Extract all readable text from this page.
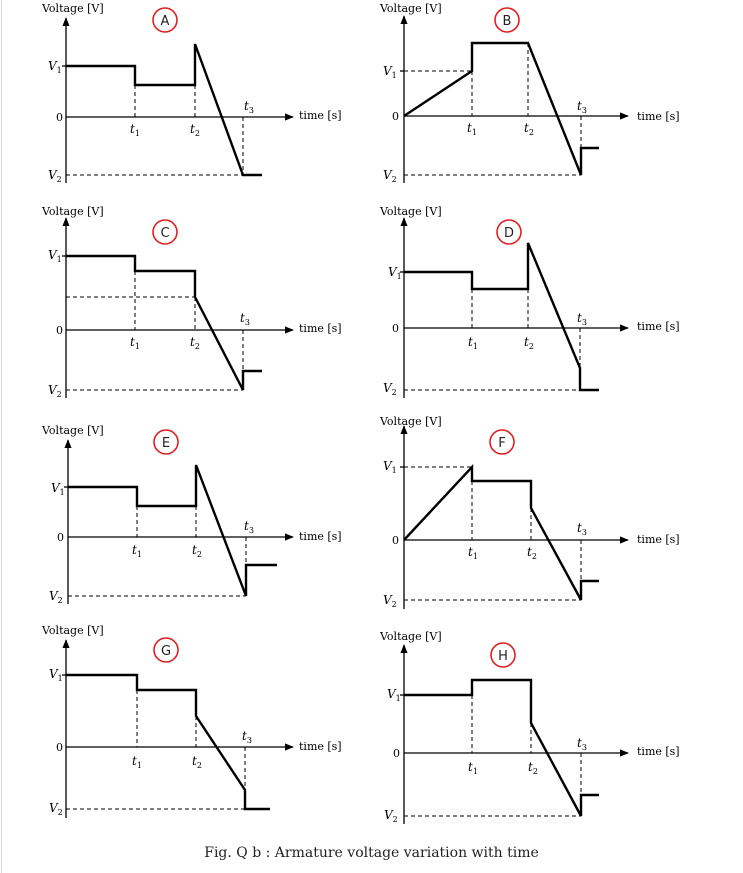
Voltage [V]
time [s]
0
$V_1$
$V_2$
$t_1$	$t_2$
$t_3$
A
Voltage [V]
time [s]
0
$V_1$
$V_2$
$t_1$	$t_2$
$t_3$
B
Voltage [V]
time [s]
0
$V_1$
$V_2$
$t_1$	$t_2$
$t_3$
C
Voltage [V]
time [s]
0
$V_1$
$V_2$
$t_1$	$t_2$
$t_3$
D
Voltage [V]
time [s]
0
$V_1$
$V_2$
$t_1$	$t_2$
$t_3$
E
Voltage [V]
time [s]
0
$V_1$
$V_2$
$t_1$	$t_2$
$t_3$
F
Voltage [V]
time [s]
0
$V_1$
$V_2$
$t_1$	$t_2$
$t_3$
G
Voltage [V]
time [s]
0
$V_1$
$V_2$
$t_1$	$t_2$
$t_3$
H
Fig. Q b : Armature voltage variation with time
